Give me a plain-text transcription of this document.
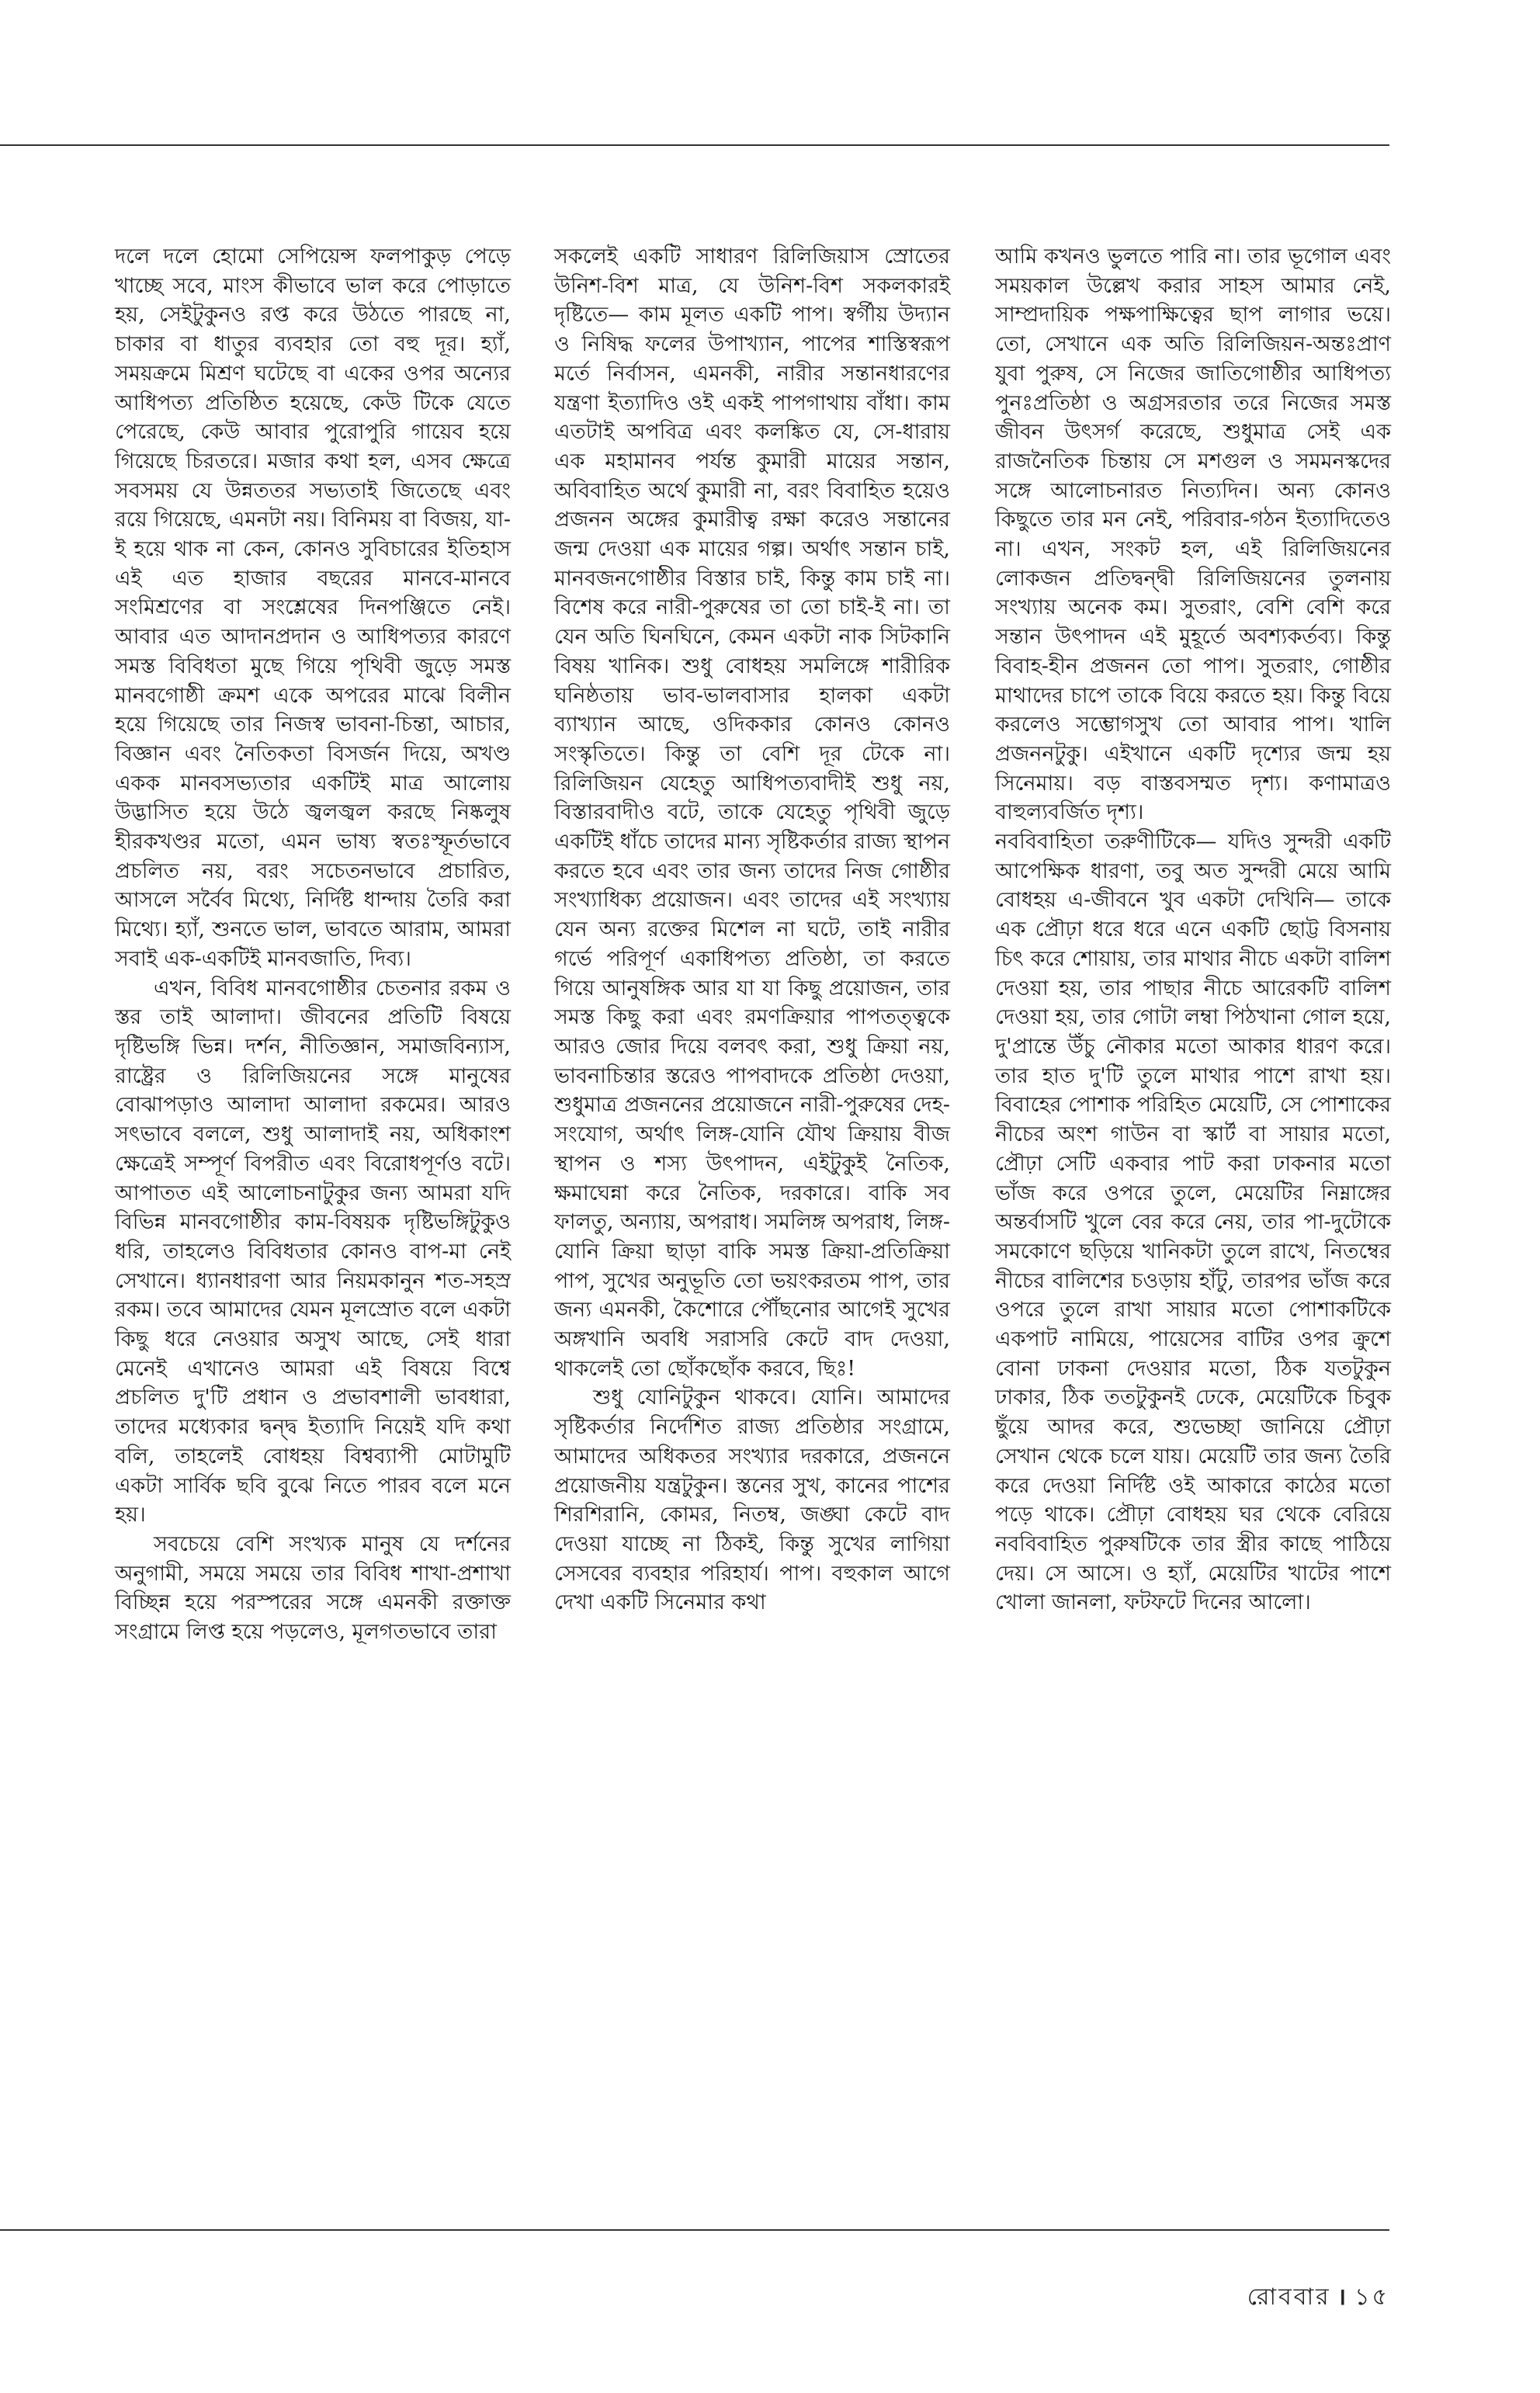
দলে দলে হোমো সেপিয়েন্স ফলপাকুড় পেড়ে খাচ্ছে সবে, মাংস কীভাবে ভাল করে পোড়াতে হয়, সেইটুকুনও রপ্ত করে উঠতে পারছে না, চাকার বা ধাতুর ব্যবহার তো বহু দূর। হ্যাঁ, সময়ক্রমে মিশ্রণ ঘটেছে বা একের ওপর অন্যের আধিপত্য প্রতিষ্ঠিত হয়েছে, কেউ টিকে যেতে পেরেছে, কেউ আবার পুরোপুরি গায়েব হয়ে গিয়েছে চিরতরে। মজার কথা হল, এসব ক্ষেত্রে সবসময় যে উন্নততর সভ্যতাই জিতেছে এবং রয়ে গিয়েছে, এমনটা নয়। বিনিময় বা বিজয়, যা-ই হয়ে থাক না কেন, কোনও সুবিচারের ইতিহাস এই এত হাজার বছরের মানবে-মানবে সংমিশ্রণের বা সংশ্লেষের দিনপঞ্জিতে নেই। আবার এত আদানপ্রদান ও আধিপত্যর কারণে সমস্ত বিবিধতা মুছে গিয়ে পৃথিবী জুড়ে সমস্ত মানবগোষ্ঠী ক্রমশ একে অপরের মাঝে বিলীন হয়ে গিয়েছে তার নিজস্ব ভাবনা-চিন্তা, আচার, বিজ্ঞান এবং নৈতিকতা বিসর্জন দিয়ে, অখণ্ড একক মানবসভ্যতার একটিই মাত্র আলোয় উদ্ভাসিত হয়ে উঠে জ্বলজ্বল করছে নিষ্কলুষ হীরকখণ্ডর মতো, এমন ভাষ্য স্বতঃস্ফূর্তভাবে প্রচলিত নয়, বরং সচেতনভাবে প্রচারিত, আসলে সর্বৈব মিথ্যে, নির্দিষ্ট ধান্দায় তৈরি করা মিথ্যে। হ্যাঁ, শুনতে ভাল, ভাবতে আরাম, আমরা সবাই এক-একটিই মানবজাতি, দিব্য।

এখন, বিবিধ মানবগোষ্ঠীর চেতনার রকম ও স্তর তাই আলাদা। জীবনের প্রতিটি বিষয়ে দৃষ্টিভঙ্গি ভিন্ন। দর্শন, নীতিজ্ঞান, সমাজবিন্যাস, রাষ্ট্রের ও রিলিজিয়নের সঙ্গে মানুষের বোঝাপড়াও আলাদা আলাদা রকমের। আরও সৎভাবে বললে, শুধু আলাদাই নয়, অধিকাংশ ক্ষেত্রেই সম্পূর্ণ বিপরীত এবং বিরোধপূর্ণও বটে। আপাতত এই আলোচনাটুকুর জন্য আমরা যদি বিভিন্ন মানবগোষ্ঠীর কাম-বিষয়ক দৃষ্টিভঙ্গিটুকুও ধরি, তাহলেও বিবিধতার কোনও বাপ-মা নেই সেখানে। ধ্যানধারণা আর নিয়মকানুন শত-সহস্র রকম। তবে আমাদের যেমন মূলস্রোত বলে একটা কিছু ধরে নেওয়ার অসুখ আছে, সেই ধারা মেনেই এখানেও আমরা এই বিষয়ে বিশ্বে প্রচলিত দু'টি প্রধান ও প্রভাবশালী ভাবধারা, তাদের মধ্যেকার দ্বন্দ্ব ইত্যাদি নিয়েই যদি কথা বলি, তাহলেই বোধহয় বিশ্বব্যাপী মোটামুটি একটা সার্বিক ছবি বুঝে নিতে পারব বলে মনে হয়।

সবচেয়ে বেশি সংখ্যক মানুষ যে দর্শনের অনুগামী, সময়ে সময়ে তার বিবিধ শাখা-প্রশাখা বিচ্ছিন্ন হয়ে পরস্পরের সঙ্গে এমনকী রক্তাক্ত সংগ্রামে লিপ্ত হয়ে পড়লেও, মূলগতভাবে তারা

সকলেই একটি সাধারণ রিলিজিয়াস স্রোতের উনিশ-বিশ মাত্র, যে উনিশ-বিশ সকলকারই দৃষ্টিতে— কাম মূলত একটি পাপ। স্বর্গীয় উদ্যান ও নিষিদ্ধ ফলের উপাখ্যান, পাপের শাস্তিস্বরূপ মর্তে নির্বাসন, এমনকী, নারীর সন্তানধারণের যন্ত্রণা ইত্যাদিও ওই একই পাপগাথায় বাঁধা। কাম এতটাই অপবিত্র এবং কলঙ্কিত যে, সে-ধারায় এক মহামানব পর্যন্ত কুমারী মায়ের সন্তান, অবিবাহিত অর্থে কুমারী না, বরং বিবাহিত হয়েও প্রজনন অঙ্গের কুমারীত্ব রক্ষা করেও সন্তানের জন্ম দেওয়া এক মায়ের গল্প। অর্থাৎ সন্তান চাই, মানবজনগোষ্ঠীর বিস্তার চাই, কিন্তু কাম চাই না। বিশেষ করে নারী-পুরুষের তা তো চাই-ই না। তা যেন অতি ঘিনঘিনে, কেমন একটা নাক সিটকানি বিষয় খানিক। শুধু বোধহয় সমলিঙ্গে শারীরিক ঘনিষ্ঠতায় ভাব-ভালবাসার হালকা একটা ব্যাখ্যান আছে, ওদিককার কোনও কোনও সংস্কৃতিতে। কিন্তু তা বেশি দূর টেকে না। রিলিজিয়ন যেহেতু আধিপত্যবাদীই শুধু নয়, বিস্তারবাদীও বটে, তাকে যেহেতু পৃথিবী জুড়ে একটিই ধাঁচে তাদের মান্য সৃষ্টিকর্তার রাজ্য স্থাপন করতে হবে এবং তার জন্য তাদের নিজ গোষ্ঠীর সংখ্যাধিক্য প্রয়োজন। এবং তাদের এই সংখ্যায় যেন অন্য রক্তের মিশেল না ঘটে, তাই নারীর গর্ভে পরিপূর্ণ একাধিপত্য প্রতিষ্ঠা, তা করতে গিয়ে আনুষঙ্গিক আর যা যা কিছু প্রয়োজন, তার সমস্ত কিছু করা এবং রমণক্রিয়ার পাপতত্ত্বকে আরও জোর দিয়ে বলবৎ করা, শুধু ক্রিয়া নয়, ভাবনাচিন্তার স্তরেও পাপবাদকে প্রতিষ্ঠা দেওয়া, শুধুমাত্র প্রজননের প্রয়োজনে নারী-পুরুষের দেহ-সংযোগ, অর্থাৎ লিঙ্গ-যোনি যৌথ ক্রিয়ায় বীজ স্থাপন ও শস্য উৎপাদন, এইটুকুই নৈতিক, ক্ষমাঘেন্না করে নৈতিক, দরকারে। বাকি সব ফালতু, অন্যায়, অপরাধ। সমলিঙ্গ অপরাধ, লিঙ্গ-যোনি ক্রিয়া ছাড়া বাকি সমস্ত ক্রিয়া-প্রতিক্রিয়া পাপ, সুখের অনুভূতি তো ভয়ংকরতম পাপ, তার জন্য এমনকী, কৈশোরে পৌঁছনোর আগেই সুখের অঙ্গখানি অবধি সরাসরি কেটে বাদ দেওয়া, থাকলেই তো ছোঁকছোঁক করবে, ছিঃ!

শুধু যোনিটুকুন থাকবে। যোনি। আমাদের সৃষ্টিকর্তার নির্দেশিত রাজ্য প্রতিষ্ঠার সংগ্রামে, আমাদের অধিকতর সংখ্যার দরকারে, প্রজননে প্রয়োজনীয় যন্ত্রটুকুন। স্তনের সুখ, কানের পাশের শিরশিরানি, কোমর, নিতম্ব, জঙ্ঘা কেটে বাদ দেওয়া যাচ্ছে না ঠিকই, কিন্তু সুখের লাগিয়া সেসবের ব্যবহার পরিহার্য। পাপ। বহুকাল আগে দেখা একটি সিনেমার কথা

আমি কখনও ভুলতে পারি না। তার ভূগোল এবং সময়কাল উল্লেখ করার সাহস আমার নেই, সাম্প্রদায়িক পক্ষপাক্ষিত্বের ছাপ লাগার ভয়ে। তো, সেখানে এক অতি রিলিজিয়ন-অন্তঃপ্রাণ যুবা পুরুষ, সে নিজের জাতিগোষ্ঠীর আধিপত্য পুনঃপ্রতিষ্ঠা ও অগ্রসরতার তরে নিজের সমস্ত জীবন উৎসর্গ করেছে, শুধুমাত্র সেই এক রাজনৈতিক চিন্তায় সে মশগুল ও সমমনস্কদের সঙ্গে আলোচনারত নিত্যদিন। অন্য কোনও কিছুতে তার মন নেই, পরিবার-গঠন ইত্যাদিতেও না। এখন, সংকট হল, এই রিলিজিয়নের লোকজন প্রতিদ্বন্দ্বী রিলিজিয়নের তুলনায় সংখ্যায় অনেক কম। সুতরাং, বেশি বেশি করে সন্তান উৎপাদন এই মুহূর্তে অবশ্যকর্তব্য। কিন্তু বিবাহ-হীন প্রজনন তো পাপ। সুতরাং, গোষ্ঠীর মাথাদের চাপে তাকে বিয়ে করতে হয়। কিন্তু বিয়ে করলেও সম্ভোগসুখ তো আবার পাপ। খালি প্রজননটুকু। এইখানে একটি দৃশ্যের জন্ম হয় সিনেমায়। বড় বাস্তবসম্মত দৃশ্য। কণামাত্রও বাহুল্যবর্জিত দৃশ্য।

নববিবাহিতা তরুণীটিকে— যদিও সুন্দরী একটি আপেক্ষিক ধারণা, তবু অত সুন্দরী মেয়ে আমি বোধহয় এ-জীবনে খুব একটা দেখিনি— তাকে এক প্রৌঢ়া ধরে ধরে এনে একটি ছোট্ট বিসনায় চিৎ করে শোয়ায়, তার মাথার নীচে একটা বালিশ দেওয়া হয়, তার পাছার নীচে আরেকটি বালিশ দেওয়া হয়, তার গোটা লম্বা পিঠখানা গোল হয়ে, দু'প্রান্তে উঁচু নৌকার মতো আকার ধারণ করে। তার হাত দু'টি তুলে মাথার পাশে রাখা হয়। বিবাহের পোশাক পরিহিত মেয়েটি, সে পোশাকের নীচের অংশ গাউন বা স্কার্ট বা সায়ার মতো, প্রৌঢ়া সেটি একবার পাট করা ঢাকনার মতো ভাঁজ করে ওপরে তুলে, মেয়েটির নিম্নাঙ্গের অন্তর্বাসটি খুলে বের করে নেয়, তার পা-দুটোকে সমকোণে ছড়িয়ে খানিকটা তুলে রাখে, নিতম্বের নীচের বালিশের চওড়ায় হাঁটু, তারপর ভাঁজ করে ওপরে তুলে রাখা সায়ার মতো পোশাকটিকে একপাট নামিয়ে, পায়েসের বাটির ওপর ক্রুশে বোনা ঢাকনা দেওয়ার মতো, ঠিক যতটুকুন ঢাকার, ঠিক ততটুকুনই ঢেকে, মেয়েটিকে চিবুক ছুঁয়ে আদর করে, শুভেচ্ছা জানিয়ে প্রৌঢ়া সেখান থেকে চলে যায়। মেয়েটি তার জন্য তৈরি করে দেওয়া নির্দিষ্ট ওই আকারে কাঠের মতো পড়ে থাকে। প্রৌঢ়া বোধহয় ঘর থেকে বেরিয়ে নববিবাহিত পুরুষটিকে তার স্ত্রীর কাছে পাঠিয়ে দেয়। সে আসে। ও হ্যাঁ, মেয়েটির খাটের পাশে খোলা জানলা, ফটফটে দিনের আলো।

রোববার । ১৫
